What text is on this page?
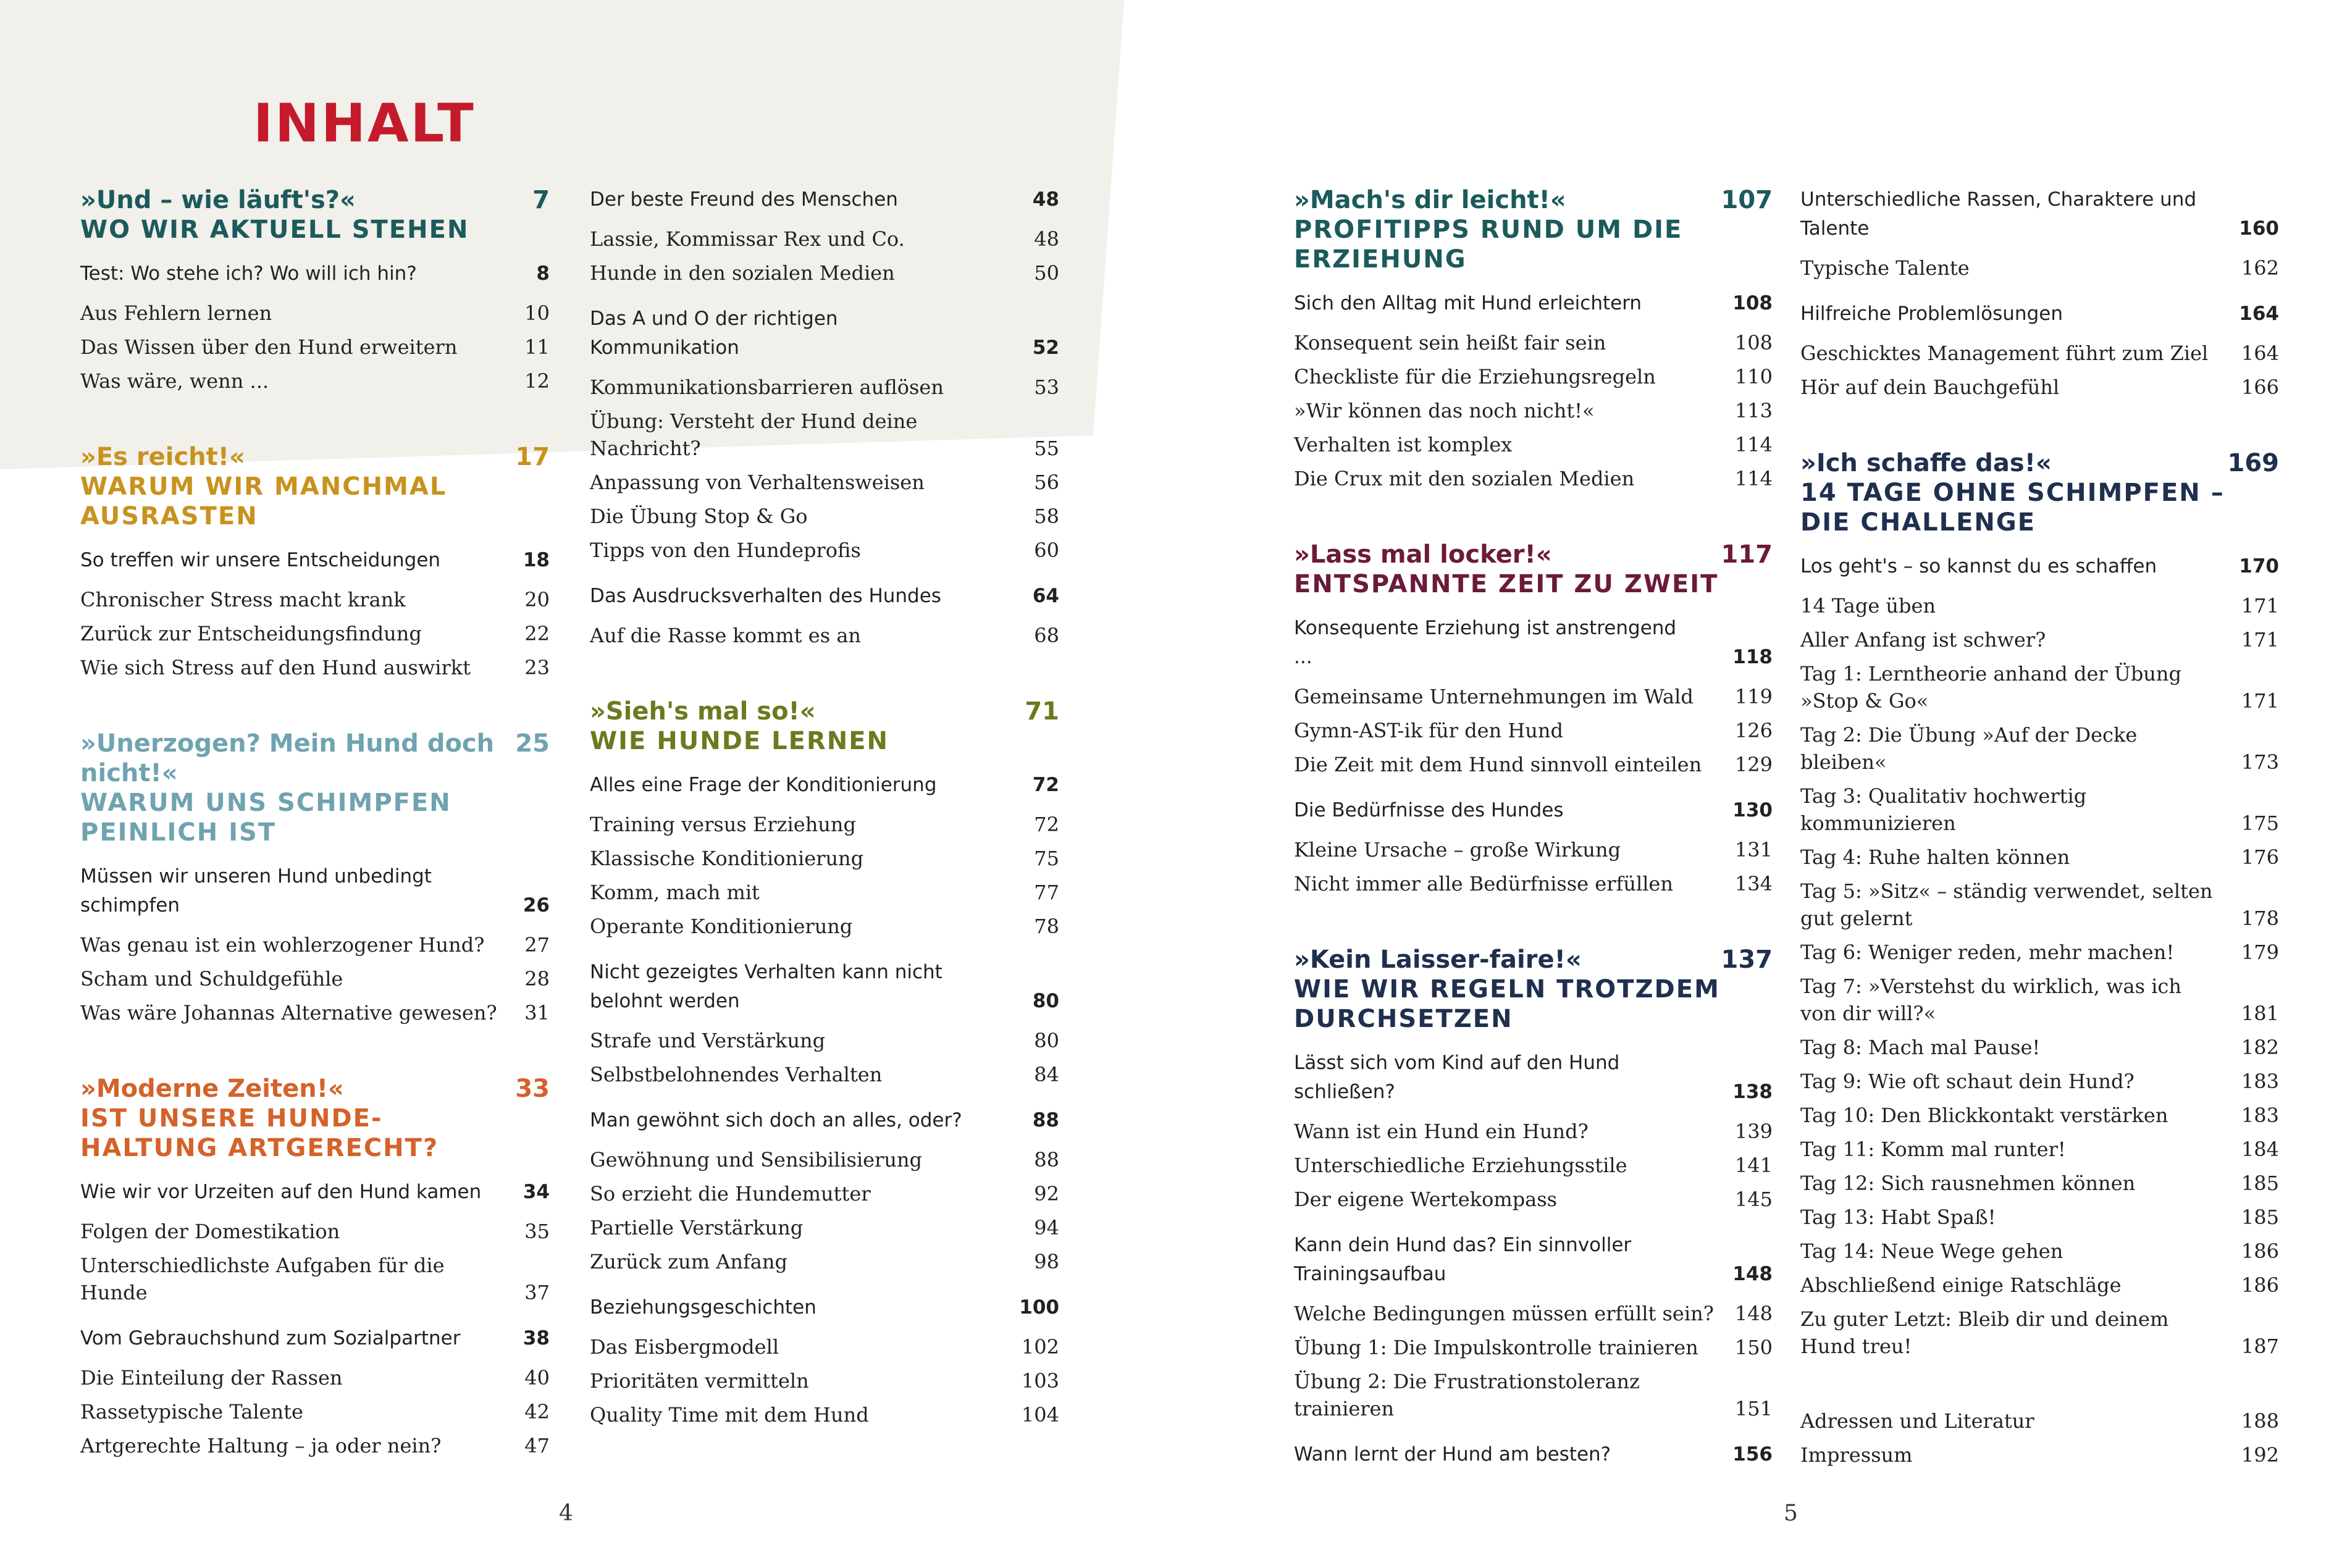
INHALT
»Und – wie läuft's?«
WO WIR AKTUELL STEHEN
7
Test: Wo stehe ich? Wo will ich hin?	8
Aus Fehlern lernen	10
Das Wissen über den Hund erweitern	11
Was wäre, wenn ...	12
»Es reicht!«
WARUM WIR MANCHMAL AUSRASTEN
17
So treffen wir unsere Entscheidungen	18
Chronischer Stress macht krank	20
Zurück zur Entscheidungsfindung	22
Wie sich Stress auf den Hund auswirkt	23
»Unerzogen? Mein Hund doch nicht!«
WARUM UNS SCHIMPFEN PEINLICH IST
25
Müssen wir unseren Hund unbedingt schimpfen	26
Was genau ist ein wohlerzogener Hund? 27
Scham und Schuldgefühle	28
Was wäre Johannas Alternative gewesen? 31
»Moderne Zeiten!«
IST UNSERE HUNDE-HALTUNG ARTGERECHT?
33
Wie wir vor Urzeiten auf den Hund kamen 34
Folgen der Domestikation	35
Unterschiedlichste Aufgaben für die Hunde	37
Vom Gebrauchshund zum Sozialpartner	38
Die Einteilung der Rassen	40
Rassetypische Talente	42
Artgerechte Haltung – ja oder nein?	47
Der beste Freund des Menschen	48
Lassie, Kommissar Rex und Co.	48
Hunde in den sozialen Medien	50
Das A und O der richtigen Kommunikation	52
Kommunikationsbarrieren auflösen	53
Übung: Versteht der Hund deine Nachricht?	55
Anpassung von Verhaltensweisen	56
Die Übung Stop & Go	58
Tipps von den Hundeprofis	60
Das Ausdrucksverhalten des Hundes	64
Auf die Rasse kommt es an	68
»Sieh's mal so!«
WIE HUNDE LERNEN
71
Alles eine Frage der Konditionierung	72
Training versus Erziehung	72
Klassische Konditionierung	75
Komm, mach mit	77
Operante Konditionierung	78
Nicht gezeigtes Verhalten kann nicht belohnt werden	80
Strafe und Verstärkung	80
Selbstbelohnendes Verhalten	84
Man gewöhnt sich doch an alles, oder?	88
Gewöhnung und Sensibilisierung	88
So erzieht die Hundemutter	92
Partielle Verstärkung	94
Zurück zum Anfang	98
Beziehungsgeschichten	100
Das Eisbergmodell	102
Prioritäten vermitteln	103
Quality Time mit dem Hund	104
»Mach's dir leicht!«
PROFITIPPS RUND UM DIE ERZIEHUNG
107
Sich den Alltag mit Hund erleichtern	108
Konsequent sein heißt fair sein	108
Checkliste für die Erziehungsregeln	110
»Wir können das noch nicht!«	113
Verhalten ist komplex	114
Die Crux mit den sozialen Medien	114
»Lass mal locker!«
ENTSPANNTE ZEIT ZU ZWEIT
117
Konsequente Erziehung ist anstrengend ...	118
Gemeinsame Unternehmungen im Wald 119
Gymn-AST-ik für den Hund	126
Die Zeit mit dem Hund sinnvoll einteilen 129
Die Bedürfnisse des Hundes	130
Kleine Ursache – große Wirkung	131
Nicht immer alle Bedürfnisse erfüllen	134
»Kein Laisser-faire!«
WIE WIR REGELN TROTZDEM DURCHSETZEN
137
Lässt sich vom Kind auf den Hund schließen?	138
Wann ist ein Hund ein Hund?	139
Unterschiedliche Erziehungsstile	141
Der eigene Wertekompass	145
Kann dein Hund das? Ein sinnvoller Trainingsaufbau	148
Welche Bedingungen müssen erfüllt sein? 148
Übung 1: Die Impulskontrolle trainieren 150
Übung 2: Die Frustrationstoleranz trainieren	151
Wann lernt der Hund am besten?	156
Unterschiedliche Rassen, Charaktere und Talente	160
Typische Talente	162
Hilfreiche Problemlösungen	164
Geschicktes Management führt zum Ziel 164
Hör auf dein Bauchgefühl	166
»Ich schaffe das!«
14 TAGE OHNE SCHIMPFEN – DIE CHALLENGE
169
Los geht's – so kannst du es schaffen	170
14 Tage üben	171
Aller Anfang ist schwer?	171
Tag 1: Lerntheorie anhand der Übung »Stop & Go«	171
Tag 2: Die Übung »Auf der Decke bleiben«	173
Tag 3: Qualitativ hochwertig kommunizieren	175
Tag 4: Ruhe halten können	176
Tag 5: »Sitz« – ständig verwendet, selten gut gelernt	178
Tag 6: Weniger reden, mehr machen!	179
Tag 7: »Verstehst du wirklich, was ich von dir will?«	181
Tag 8: Mach mal Pause!	182
Tag 9: Wie oft schaut dein Hund?	183
Tag 10: Den Blickkontakt verstärken	183
Tag 11: Komm mal runter!	184
Tag 12: Sich rausnehmen können	185
Tag 13: Habt Spaß!	185
Tag 14: Neue Wege gehen	186
Abschließend einige Ratschläge	186
Zu guter Letzt: Bleib dir und deinem Hund treu!	187
Adressen und Literatur	188
Impressum	192
4	5
